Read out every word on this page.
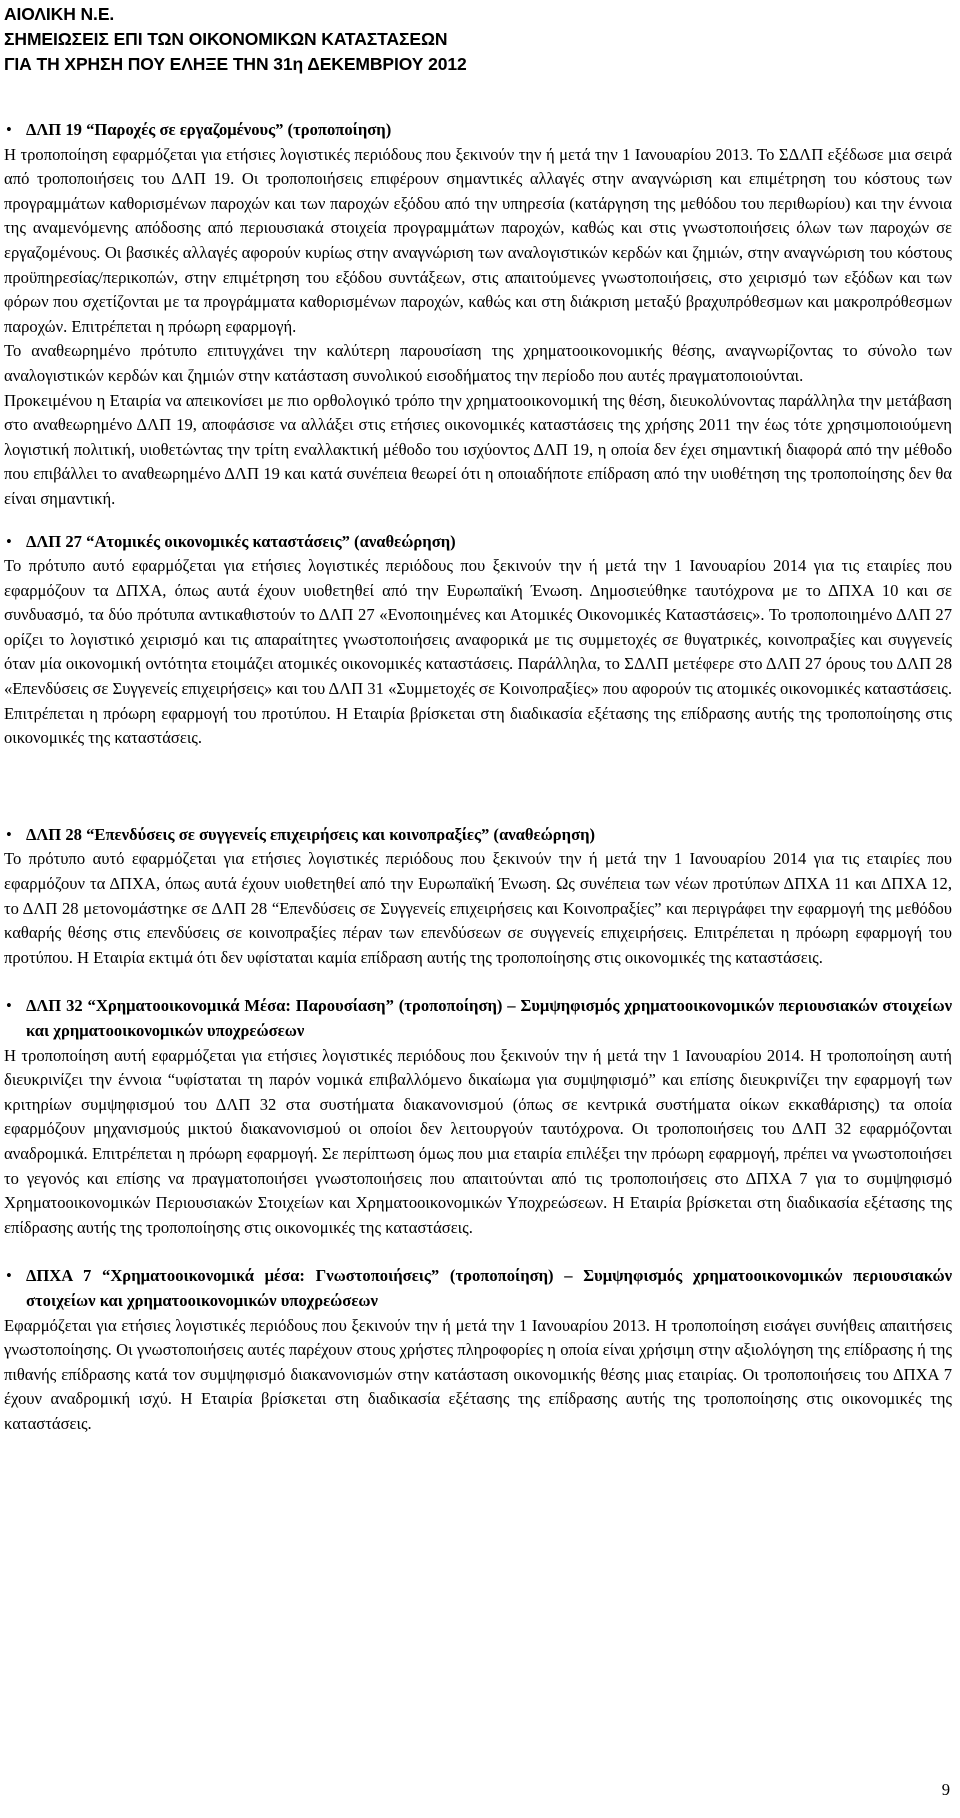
ΑΙΟΛΙΚΗ Ν.Ε.
ΣΗΜΕΙΩΣΕΙΣ ΕΠΙ ΤΩΝ ΟΙΚΟΝΟΜΙΚΩΝ ΚΑΤΑΣΤΑΣΕΩΝ
ΓΙΑ ΤΗ ΧΡΗΣΗ ΠΟΥ ΕΛΗΞΕ ΤΗΝ 31η ΔΕΚΕΜΒΡΙΟΥ 2012

• ΔΛΠ 19 “Παροχές σε εργαζομένους” (τροποποίηση)

Η τροποποίηση εφαρμόζεται για ετήσιες λογιστικές περιόδους που ξεκινούν την ή μετά την 1 Ιανουαρίου 2013. Το ΣΔΛΠ εξέδωσε μια σειρά από τροποποιήσεις του ΔΛΠ 19. Οι τροποποιήσεις επιφέρουν σημαντικές αλλαγές στην αναγνώριση και επιμέτρηση του κόστους των προγραμμάτων καθορισμένων παροχών και των παροχών εξόδου από την υπηρεσία (κατάργηση της μεθόδου του περιθωρίου) και την έννοια της αναμενόμενης απόδοσης από περιουσιακά στοιχεία προγραμμάτων παροχών, καθώς και στις γνωστοποιήσεις όλων των παροχών σε εργαζομένους. Οι βασικές αλλαγές αφορούν κυρίως στην αναγνώριση των αναλογιστικών κερδών και ζημιών, στην αναγνώριση του κόστους προϋπηρεσίας/περικοπών, στην επιμέτρηση του εξόδου συντάξεων, στις απαιτούμενες γνωστοποιήσεις, στο χειρισμό των εξόδων και των φόρων που σχετίζονται με τα προγράμματα καθορισμένων παροχών, καθώς και στη διάκριση μεταξύ βραχυπρόθεσμων και μακροπρόθεσμων παροχών. Επιτρέπεται η πρόωρη εφαρμογή.

Το αναθεωρημένο πρότυπο επιτυγχάνει την καλύτερη παρουσίαση της χρηματοοικονομικής θέσης, αναγνωρίζοντας το σύνολο των αναλογιστικών κερδών και ζημιών στην κατάσταση συνολικού εισοδήματος την περίοδο που αυτές πραγματοποιούνται.

Προκειμένου η Εταιρία να απεικονίσει με πιο ορθολογικό τρόπο την χρηματοοικονομική της θέση, διευκολύνοντας παράλληλα την μετάβαση στο αναθεωρημένο ΔΛΠ 19, αποφάσισε να αλλάξει στις ετήσιες οικονομικές καταστάσεις της χρήσης 2011 την έως τότε χρησιμοποιούμενη λογιστική πολιτική, υιοθετώντας την τρίτη εναλλακτική μέθοδο του ισχύοντος ΔΛΠ 19, η οποία δεν έχει σημαντική διαφορά από την μέθοδο που επιβάλλει το αναθεωρημένο ΔΛΠ 19 και κατά συνέπεια θεωρεί ότι η οποιαδήποτε επίδραση από την υιοθέτηση της τροποποίησης δεν θα είναι σημαντική.

• ΔΛΠ 27 “Ατομικές οικονομικές καταστάσεις” (αναθεώρηση)

Το πρότυπο αυτό εφαρμόζεται για ετήσιες λογιστικές περιόδους που ξεκινούν την ή μετά την 1 Ιανουαρίου 2014 για τις εταιρίες που εφαρμόζουν τα ΔΠΧΑ, όπως αυτά έχουν υιοθετηθεί από την Ευρωπαϊκή Ένωση. Δημοσιεύθηκε ταυτόχρονα με το ΔΠΧΑ 10 και σε συνδυασμό, τα δύο πρότυπα αντικαθιστούν το ΔΛΠ 27 «Ενοποιημένες και Ατομικές Οικονομικές Καταστάσεις». Το τροποποιημένο ΔΛΠ 27 ορίζει το λογιστικό χειρισμό και τις απαραίτητες γνωστοποιήσεις αναφορικά με τις συμμετοχές σε θυγατρικές, κοινοπραξίες και συγγενείς όταν μία οικονομική οντότητα ετοιμάζει ατομικές οικονομικές καταστάσεις. Παράλληλα, το ΣΔΛΠ μετέφερε στο ΔΛΠ 27 όρους του ΔΛΠ 28 «Επενδύσεις σε Συγγενείς επιχειρήσεις» και του ΔΛΠ 31 «Συμμετοχές σε Κοινοπραξίες» που αφορούν τις ατομικές οικονομικές καταστάσεις. Επιτρέπεται η πρόωρη εφαρμογή του προτύπου. Η Εταιρία βρίσκεται στη διαδικασία εξέτασης της επίδρασης αυτής της τροποποίησης στις οικονομικές της καταστάσεις.

• ΔΛΠ 28 “Επενδύσεις σε συγγενείς επιχειρήσεις και κοινοπραξίες” (αναθεώρηση)

Το πρότυπο αυτό εφαρμόζεται για ετήσιες λογιστικές περιόδους που ξεκινούν την ή μετά την 1 Ιανουαρίου 2014 για τις εταιρίες που εφαρμόζουν τα ΔΠΧΑ, όπως αυτά έχουν υιοθετηθεί από την Ευρωπαϊκή Ένωση. Ως συνέπεια των νέων προτύπων ΔΠΧΑ 11 και ΔΠΧΑ 12, το ΔΛΠ 28 μετονομάστηκε σε ΔΛΠ 28 “Επενδύσεις σε Συγγενείς επιχειρήσεις και Κοινοπραξίες” και περιγράφει την εφαρμογή της μεθόδου καθαρής θέσης στις επενδύσεις σε κοινοπραξίες πέραν των επενδύσεων σε συγγενείς επιχειρήσεις. Επιτρέπεται η πρόωρη εφαρμογή του προτύπου. Η Εταιρία εκτιμά ότι δεν υφίσταται καμία επίδραση αυτής της τροποποίησης στις οικονομικές της καταστάσεις.

• ΔΛΠ 32 “Χρηματοοικονομικά Μέσα: Παρουσίαση” (τροποποίηση) – Συμψηφισμός χρηματοοικονομικών περιουσιακών στοιχείων και χρηματοοικονομικών υποχρεώσεων

Η τροποποίηση αυτή εφαρμόζεται για ετήσιες λογιστικές περιόδους που ξεκινούν την ή μετά την 1 Ιανουαρίου 2014. Η τροποποίηση αυτή διευκρινίζει την έννοια “υφίσταται τη παρόν νομικά επιβαλλόμενο δικαίωμα για συμψηφισμό” και επίσης διευκρινίζει την εφαρμογή των κριτηρίων συμψηφισμού του ΔΛΠ 32 στα συστήματα διακανονισμού (όπως σε κεντρικά συστήματα οίκων εκκαθάρισης) τα οποία εφαρμόζουν μηχανισμούς μικτού διακανονισμού οι οποίοι δεν λειτουργούν ταυτόχρονα. Οι τροποποιήσεις του ΔΛΠ 32 εφαρμόζονται αναδρομικά. Επιτρέπεται η πρόωρη εφαρμογή. Σε περίπτωση όμως που μια εταιρία επιλέξει την πρόωρη εφαρμογή, πρέπει να γνωστοποιήσει το γεγονός και επίσης να πραγματοποιήσει γνωστοποιήσεις που απαιτούνται από τις τροποποιήσεις στο ΔΠΧΑ 7 για το συμψηφισμό Χρηματοοικονομικών Περιουσιακών Στοιχείων και Χρηματοοικονομικών Υποχρεώσεων. Η Εταιρία βρίσκεται στη διαδικασία εξέτασης της επίδρασης αυτής της τροποποίησης στις οικονομικές της καταστάσεις.

• ΔΠΧΑ 7 “Χρηματοοικονομικά μέσα: Γνωστοποιήσεις” (τροποποίηση) – Συμψηφισμός χρηματοοικονομικών περιουσιακών στοιχείων και χρηματοοικονομικών υποχρεώσεων

Εφαρμόζεται για ετήσιες λογιστικές περιόδους που ξεκινούν την ή μετά την 1 Ιανουαρίου 2013. Η τροποποίηση εισάγει συνήθεις απαιτήσεις γνωστοποίησης. Οι γνωστοποιήσεις αυτές παρέχουν στους χρήστες πληροφορίες η οποία είναι χρήσιμη στην αξιολόγηση της επίδρασης ή της πιθανής επίδρασης κατά τον συμψηφισμό διακανονισμών στην κατάσταση οικονομικής θέσης μιας εταιρίας. Οι τροποποιήσεις του ΔΠΧΑ 7 έχουν αναδρομική ισχύ. Η Εταιρία βρίσκεται στη διαδικασία εξέτασης της επίδρασης αυτής της τροποποίησης στις οικονομικές της καταστάσεις.

9
